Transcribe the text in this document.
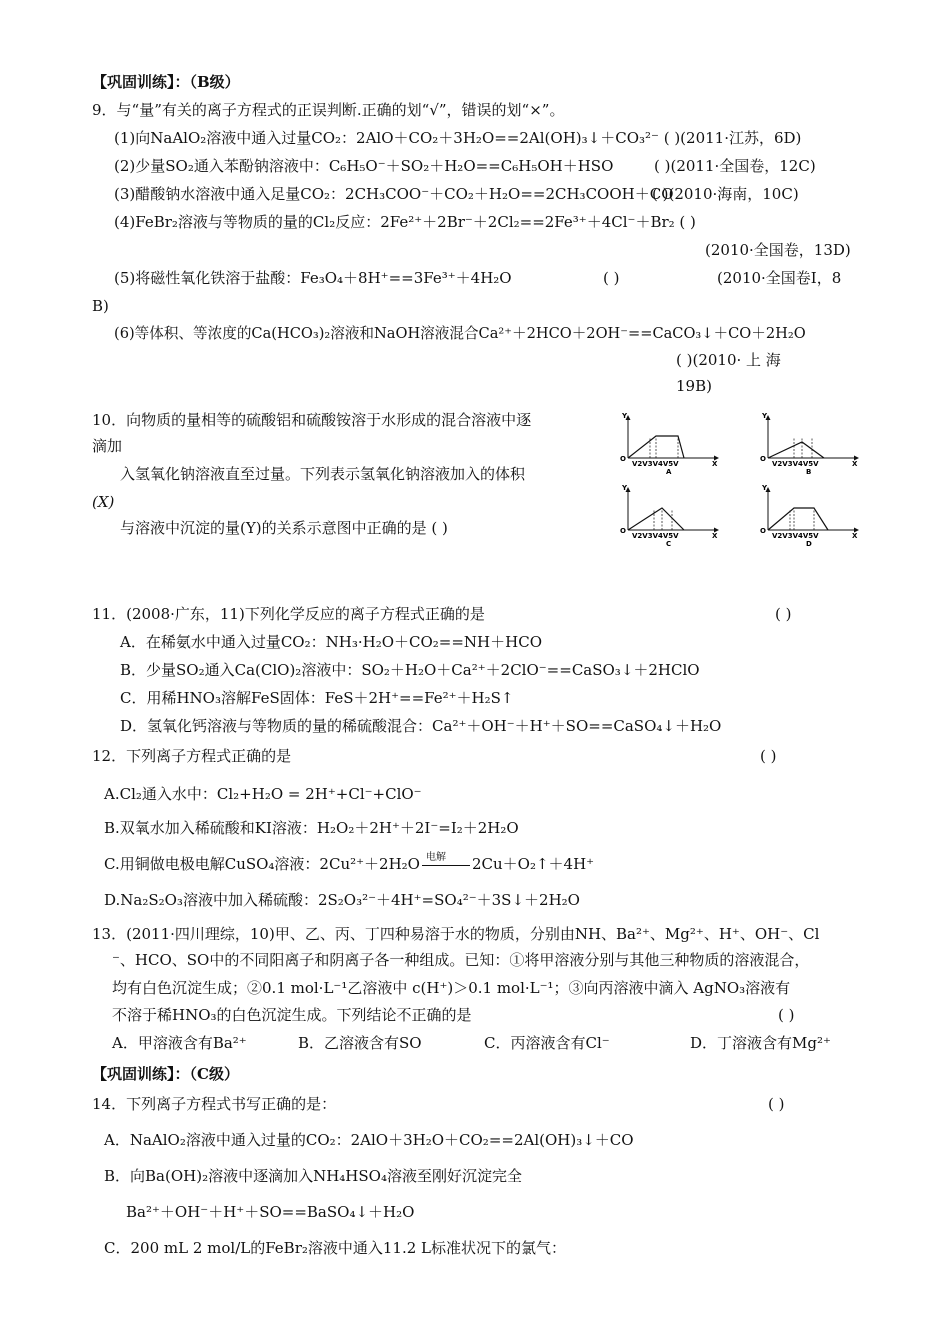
【巩固训练】：（B级）
9．与“量”有关的离子方程式的正误判断.正确的划“√”，错误的划“×”。
(1)向NaAlO₂溶液中通入过量CO₂：2AlO＋CO₂＋3H₂O==2Al(OH)₃↓＋CO₃²⁻ ( )(2011·江苏，6D)
(2)少量SO₂通入苯酚钠溶液中：C₆H₅O⁻＋SO₂＋H₂O==C₆H₅OH＋HSO	( )(2011·全国卷，12C)
(3)醋酸钠水溶液中通入足量CO₂：2CH₃COO⁻＋CO₂＋H₂O==2CH₃COOH＋CO
( )(2010·海南，10C)
(4)FeBr₂溶液与等物质的量的Cl₂反应：2Fe²⁺＋2Br⁻＋2Cl₂==2Fe³⁺＋4Cl⁻＋Br₂ ( )
(2010·全国卷，13D)
(5)将磁性氧化铁溶于盐酸：Fe₃O₄＋8H⁺==3Fe³⁺＋4H₂O	( )	(2010·全国卷Ⅰ，8
B)
(6)等体积、等浓度的Ca(HCO₃)₂溶液和NaOH溶液混合Ca²⁺＋2HCO＋2OH⁻==CaCO₃↓＋CO＋2H₂O
( )(2010· 上 海
19B)
10．向物质的量相等的硫酸铝和硫酸铵溶于水形成的混合溶液中逐
滴加
入氢氧化钠溶液直至过量。下列表示氢氧化钠溶液加入的体积
(X)
与溶液中沉淀的量(Y)的关系示意图中正确的是 ( )
O
Y
V2V3V4V5V	X
A
O
Y
V2V3V4V5V	X
B
O
Y
V2V3V4V5V	X
C
O
Y
V2V3V4V5V	X
D
11．(2008·广东，11)下列化学反应的离子方程式正确的是	( )
A．在稀氨水中通入过量CO₂：NH₃·H₂O＋CO₂==NH＋HCO
B．少量SO₂通入Ca(ClO)₂溶液中：SO₂＋H₂O＋Ca²⁺＋2ClO⁻==CaSO₃↓＋2HClO
C．用稀HNO₃溶解FeS固体：FeS＋2H⁺==Fe²⁺＋H₂S↑
D．氢氧化钙溶液与等物质的量的稀硫酸混合：Ca²⁺＋OH⁻＋H⁺＋SO==CaSO₄↓＋H₂O
12．下列离子方程式正确的是	( )
A.Cl₂通入水中：Cl₂+H₂O = 2H⁺+Cl⁻+ClO⁻
B.双氧水加入稀硫酸和KI溶液：H₂O₂＋2H⁺＋2I⁻=I₂＋2H₂O
C.用铜做电极电解CuSO₄溶液：2Cu²⁺＋2H₂O 电解 2Cu＋O₂↑＋4H⁺
D.Na₂S₂O₃溶液中加入稀硫酸：2S₂O₃²⁻＋4H⁺=SO₄²⁻＋3S↓＋2H₂O
13．(2011·四川理综，10)甲、乙、丙、丁四种易溶于水的物质，分别由NH、Ba²⁺、Mg²⁺、H⁺、OH⁻、Cl
⁻、HCO、SO中的不同阳离子和阴离子各一种组成。已知：①将甲溶液分别与其他三种物质的溶液混合，
均有白色沉淀生成；②0.1 mol·L⁻¹乙溶液中 c(H⁺)＞0.1 mol·L⁻¹；③向丙溶液中滴入 AgNO₃溶液有
不溶于稀HNO₃的白色沉淀生成。下列结论不正确的是	( )
A．甲溶液含有Ba²⁺	B．乙溶液含有SO	C．丙溶液含有Cl⁻	D．丁溶液含有Mg²⁺
【巩固训练】：（C级）
14．下列离子方程式书写正确的是：	( )
A．NaAlO₂溶液中通入过量的CO₂：2AlO＋3H₂O＋CO₂==2Al(OH)₃↓＋CO
B．向Ba(OH)₂溶液中逐滴加入NH₄HSO₄溶液至刚好沉淀完全
Ba²⁺＋OH⁻＋H⁺＋SO==BaSO₄↓＋H₂O
C．200 mL 2 mol/L的FeBr₂溶液中通入11.2 L标准状况下的氯气：
